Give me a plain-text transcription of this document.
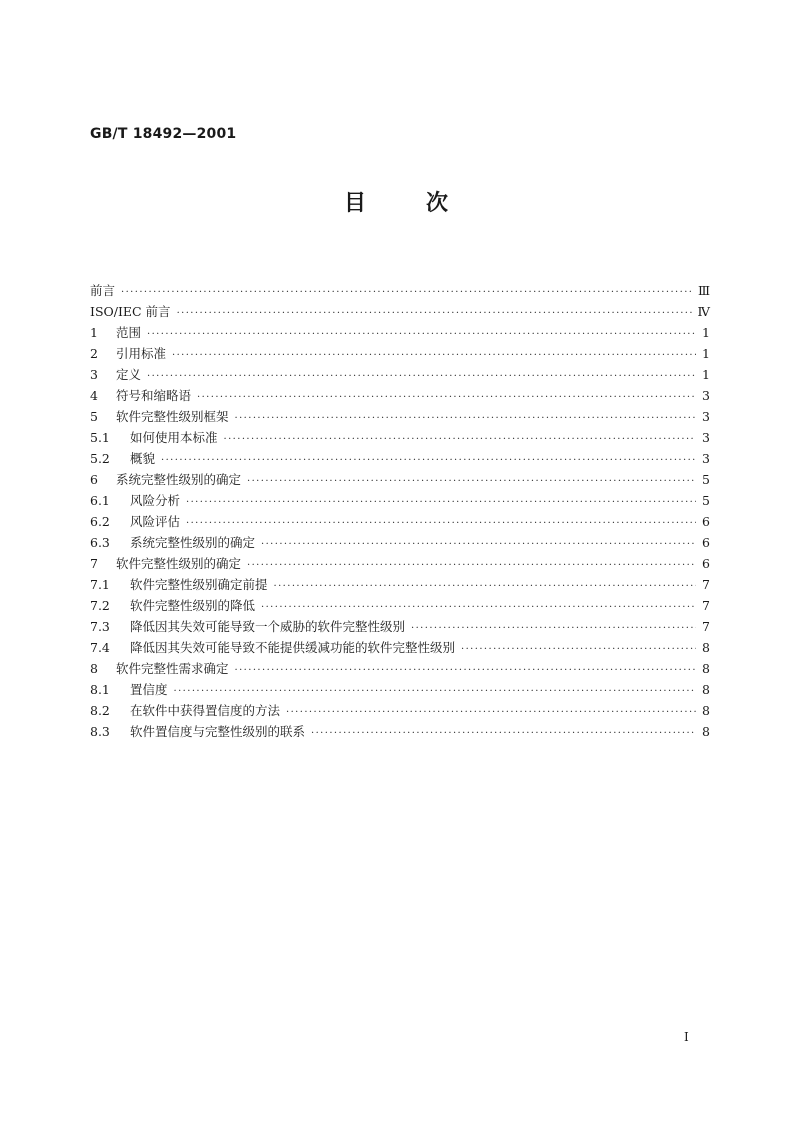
GB/T 18492—2001
目	次
前言 ·····	Ⅲ
ISO/IEC 前言 ·····	Ⅳ
1	范围 ·····	1
2	引用标准 ·····	1
3	定义 ·····	1
4	符号和缩略语 ·····	3
5	软件完整性级别框架 ·····	3
5.1	如何使用本标准 ·····	3
5.2	概貌 ·····	3
6	系统完整性级别的确定 ·····	5
6.1	风险分析 ·····	5
6.2	风险评估 ·····	6
6.3	系统完整性级别的确定 ·····	6
7	软件完整性级别的确定 ·····	6
7.1	软件完整性级别确定前提 ·····	7
7.2	软件完整性级别的降低 ·····	7
7.3	降低因其失效可能导致一个威胁的软件完整性级别 ·····	7
7.4	降低因其失效可能导致不能提供缓减功能的软件完整性级别 ·····	8
8	软件完整性需求确定 ·····	8
8.1	置信度 ·····	8
8.2	在软件中获得置信度的方法 ·····	8
8.3	软件置信度与完整性级别的联系 ·····	8
I
